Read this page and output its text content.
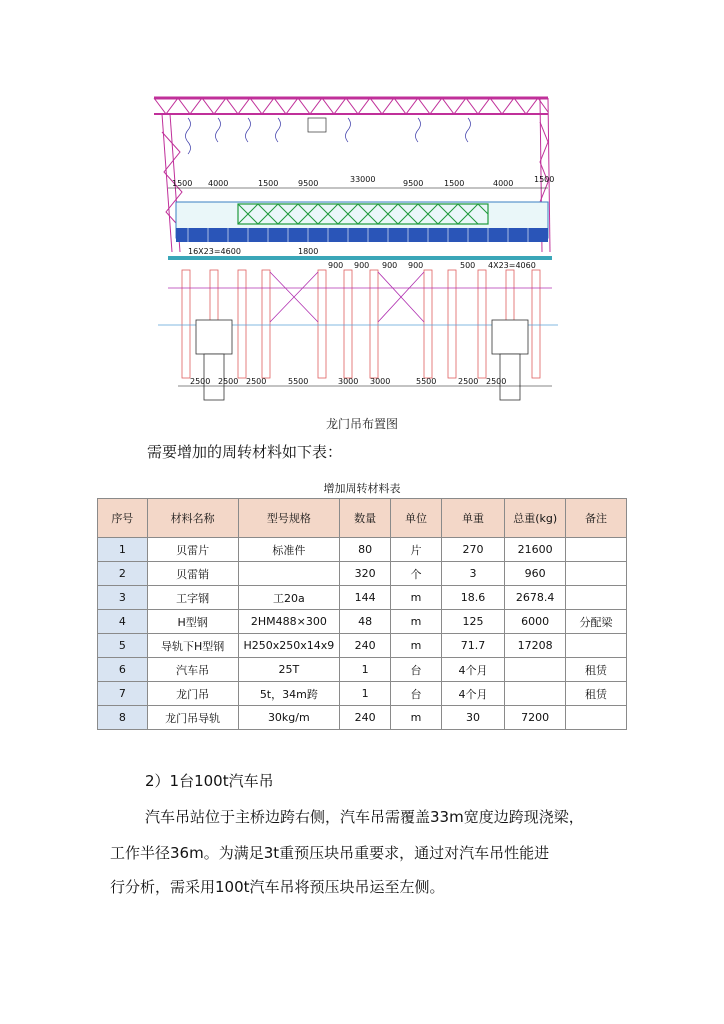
1500 4000	1500 9500	33000	9500	1500	4000	1500
16X23=4600	1800
900 900 900 900	500 4X23=4060
2500 2500 2500	5500	3000 3000	5500	2500 2500
龙门吊布置图
需要增加的周转材料如下表：
增加周转材料表
序号	材料名称	型号规格	数量	单位	单重	总重(kg)	备注
1	贝雷片	标准件	80	片	270	21600	
2	贝雷销		320	个	3	960	
3	工字钢	工20a	144	m	18.6	2678.4	
4	H型钢	2HM488×300	48	m	125	6000	分配梁
5	导轨下H型钢	H250x250x14x9	240	m	71.7	17208	
6	汽车吊	25T	1	台	4个月		租赁
7	龙门吊	5t，34m跨	1	台	4个月		租赁
8	龙门吊导轨	30kg/m	240	m	30	7200	
2）1台100t汽车吊
汽车吊站位于主桥边跨右侧，汽车吊需覆盖33m宽度边跨现浇梁，
工作半径36m。为满足3t重预压块吊重要求，通过对汽车吊性能进
行分析，需采用100t汽车吊将预压块吊运至左侧。
